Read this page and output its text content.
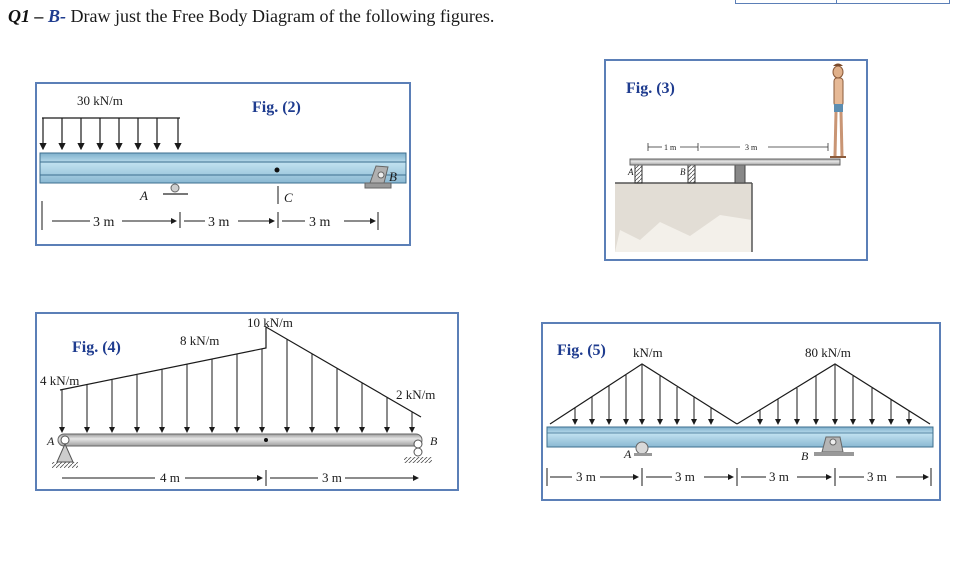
Q1 – B- Draw just the Free Body Diagram of the following figures.
30 kN/m	Fig. (2)
A
B
C
3 m	3 m	3 m
Fig. (3)
A	B
1 m	3 m
Fig. (4)	8 kN/m
10 kN/m
4 kN/m
2 kN/m
A	B
4 m	3 m
Fig. (5) kN/m	80 kN/m
A	B
3 m	3 m	3 m	3 m
